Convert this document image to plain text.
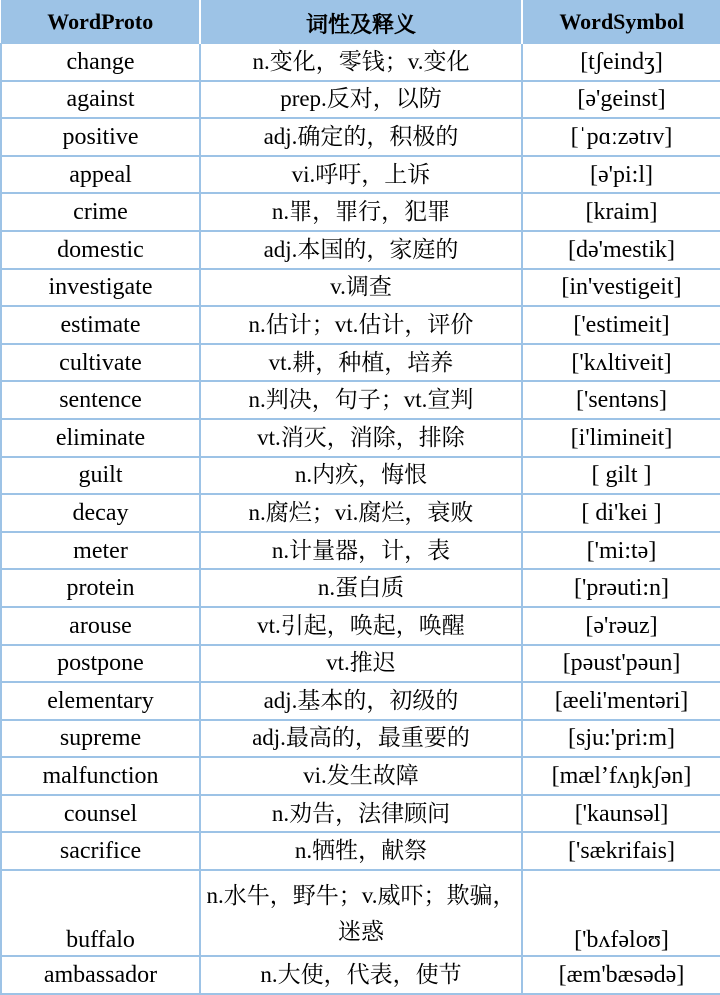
WordProto	词性及释义	WordSymbol
change	n.变化，零钱；v.变化	[tʃeindʒ]
against	prep.反对，以防	[ə'geinst]
positive	adj.确定的，积极的	[ˈpɑːzətɪv]
appeal	vi.呼吁，上诉	[ə'pi:l]
crime	n.罪，罪行，犯罪	[kraim]
domestic	adj.本国的，家庭的	[də'mestik]
investigate	v.调查	[in'vestigeit]
estimate	n.估计；vt.估计，评价	['estimeit]
cultivate	vt.耕，种植，培养	['kʌltiveit]
sentence	n.判决，句子；vt.宣判	['sentəns]
eliminate	vt.消灭，消除，排除	[i'limineit]
guilt	n.内疚，悔恨	[ gilt ]
decay	n.腐烂；vi.腐烂，衰败	[ di'kei ]
meter	n.计量器，计，表	['mi:tə]
protein	n.蛋白质	['prəuti:n]
arouse	vt.引起，唤起，唤醒	[ə'rəuz]
postpone	vt.推迟	[pəust'pəun]
elementary	adj.基本的，初级的	[æeli'mentəri]
supreme	adj.最高的，最重要的	[sju:'pri:m]
malfunction	vi.发生故障	[mæl’fʌŋkʃən]
counsel	n.劝告，法律顾问	['kaunsəl]
sacrifice	n.牺牲，献祭	['sækrifais]
buffalo	n.水牛，野牛；v.威吓；欺骗，迷惑	['bʌfəloʊ]
ambassador	n.大使，代表，使节	[æm'bæsədə]
